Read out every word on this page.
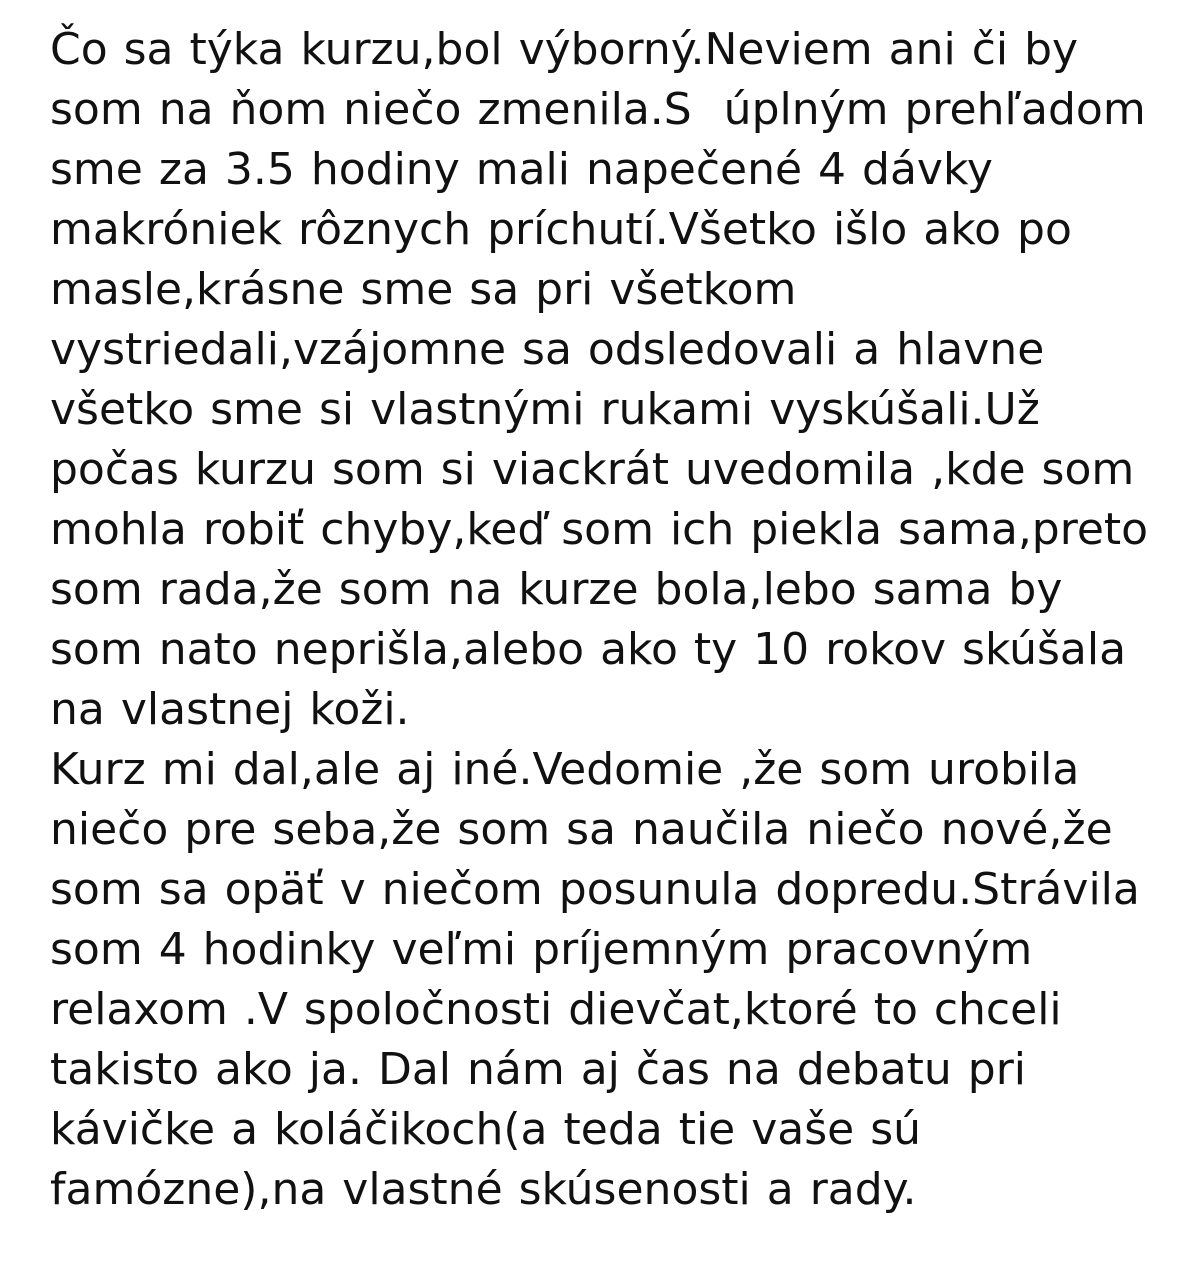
Čo sa týka kurzu,bol výborný.Neviem ani či by
som na ňom niečo zmenila.S  úplným prehľadom
sme za 3.5 hodiny mali napečené 4 dávky
makróniek rôznych príchutí.Všetko išlo ako po
masle,krásne sme sa pri všetkom
vystriedali,vzájomne sa odsledovali a hlavne
všetko sme si vlastnými rukami vyskúšali.Už
počas kurzu som si viackrát uvedomila ,kde som
mohla robiť chyby,keď som ich piekla sama,preto
som rada,že som na kurze bola,lebo sama by
som nato neprišla,alebo ako ty 10 rokov skúšala
na vlastnej koži.
Kurz mi dal,ale aj iné.Vedomie ,že som urobila
niečo pre seba,že som sa naučila niečo nové,že
som sa opäť v niečom posunula dopredu.Strávila
som 4 hodinky veľmi príjemným pracovným
relaxom .V spoločnosti dievčat,ktoré to chceli
takisto ako ja. Dal nám aj čas na debatu pri
kávičke a koláčikoch(a teda tie vaše sú
famózne),na vlastné skúsenosti a rady.
